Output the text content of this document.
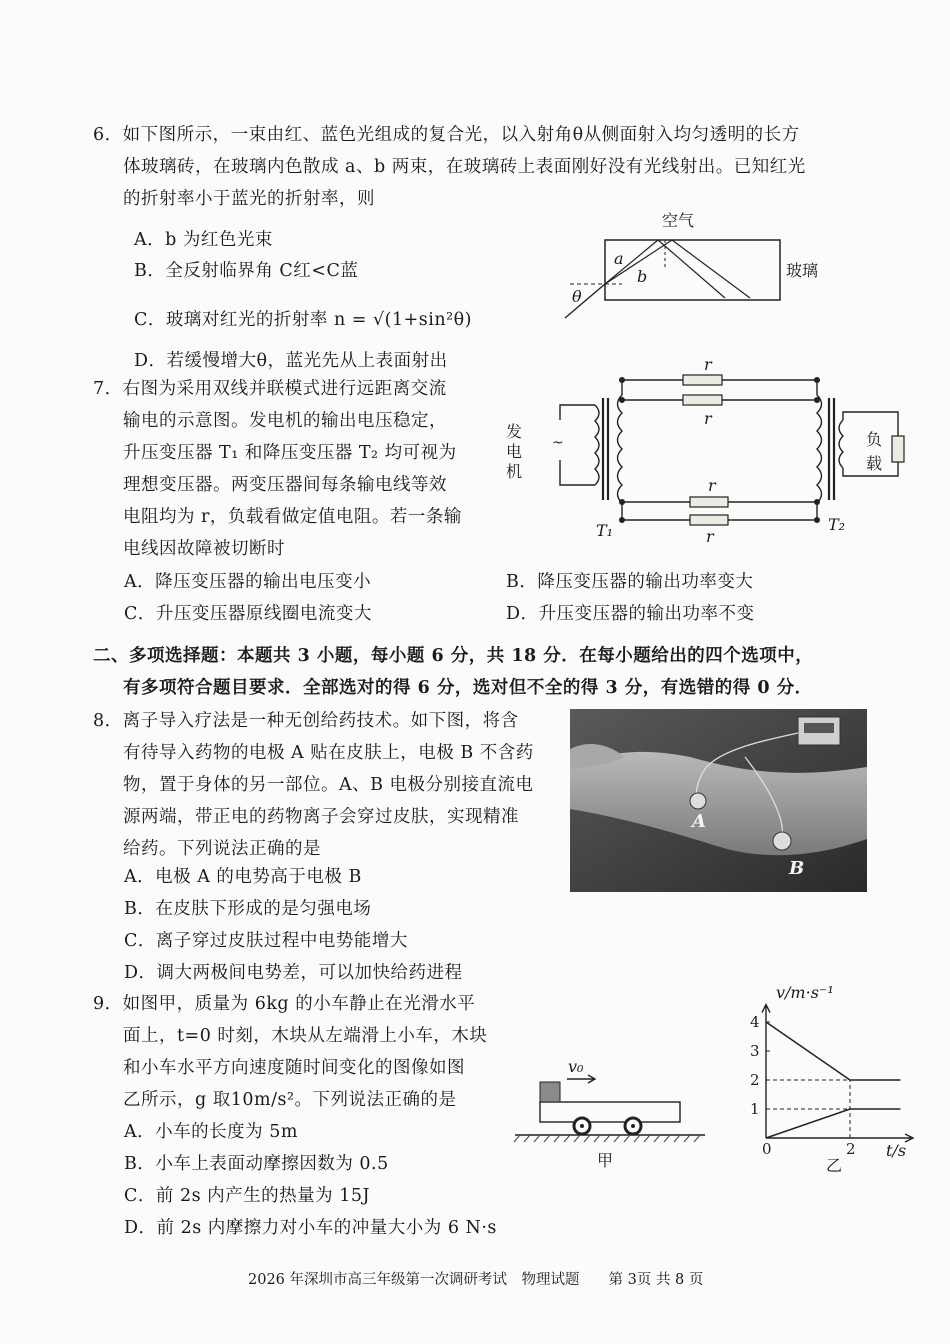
6．如下图所示，一束由红、蓝色光组成的复合光，以入射角θ从侧面射入均匀透明的长方
体玻璃砖，在玻璃内色散成 a、b 两束，在玻璃砖上表面刚好没有光线射出。已知红光
的折射率小于蓝光的折射率，则
A．b 为红色光束
B．全反射临界角 C红<C蓝
C．玻璃对红光的折射率 n = √(1+sin²θ)
D．若缓慢增大θ，蓝光先从上表面射出
空气
玻璃
a
b
θ
7．右图为采用双线并联模式进行远距离交流
输电的示意图。发电机的输出电压稳定，
升压变压器 T₁ 和降压变压器 T₂ 均可视为
理想变压器。两变压器间每条输电线等效
电阻均为 r，负载看做定值电阻。若一条输
电线因故障被切断时
A．降压变压器的输出电压变小	B．降压变压器的输出功率变大
C．升压变压器原线圈电流变大	D．升压变压器的输出功率不变
~
发
电
机
负
载
r
r
r
r
T₁	T₂
二、多项选择题：本题共 3 小题，每小题 6 分，共 18 分．在每小题给出的四个选项中，
有多项符合题目要求．全部选对的得 6 分，选对但不全的得 3 分，有选错的得 0 分．
8．离子导入疗法是一种无创给药技术。如下图，将含
有待导入药物的电极 A 贴在皮肤上，电极 B 不含药
物，置于身体的另一部位。A、B 电极分别接直流电
源两端，带正电的药物离子会穿过皮肤，实现精准
给药。下列说法正确的是
A．电极 A 的电势高于电极 B
B．在皮肤下形成的是匀强电场
C．离子穿过皮肤过程中电势能增大
D．调大两极间电势差，可以加快给药进程
A
B
9．如图甲，质量为 6kg 的小车静止在光滑水平
面上，t=0 时刻，木块从左端滑上小车，木块
和小车水平方向速度随时间变化的图像如图
乙所示，g 取10m/s²。下列说法正确的是
A．小车的长度为 5m
B．小车上表面动摩擦因数为 0.5
C．前 2s 内产生的热量为 15J
D．前 2s 内摩擦力对小车的冲量大小为 6 N·s
v₀
甲
1
2
3
4
0	2
v/m·s⁻¹
t/s
乙
2026 年深圳市高三年级第一次调研考试　物理试题　　第 3页 共 8 页
